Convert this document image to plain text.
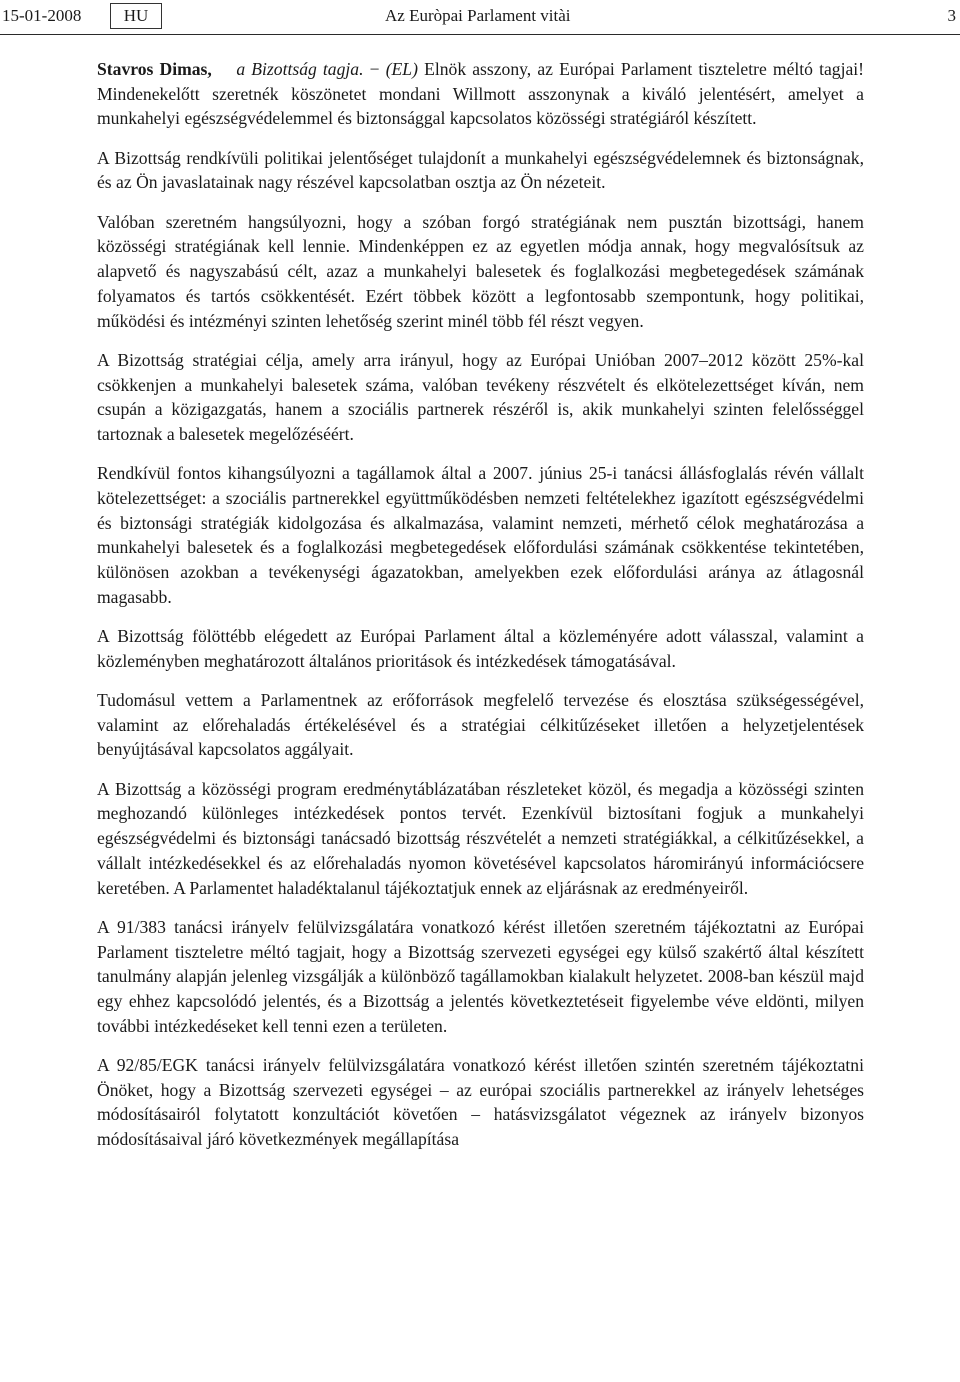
15-01-2008	HU	Az Euròpai Parlament vitài	3

Stavros Dimas, a Bizottság tagja. − (EL) Elnök asszony, az Európai Parlament tiszteletre méltó tagjai! Mindenekelőtt szeretnék köszönetet mondani Willmott asszonynak a kiváló jelentésért, amelyet a munkahelyi egészségvédelemmel és biztonsággal kapcsolatos közösségi stratégiáról készített.

A Bizottság rendkívüli politikai jelentőséget tulajdonít a munkahelyi egészségvédelemnek és biztonságnak, és az Ön javaslatainak nagy részével kapcsolatban osztja az Ön nézeteit.

Valóban szeretném hangsúlyozni, hogy a szóban forgó stratégiának nem pusztán bizottsági, hanem közösségi stratégiának kell lennie. Mindenképpen ez az egyetlen módja annak, hogy megvalósítsuk az alapvető és nagyszabású célt, azaz a munkahelyi balesetek és foglalkozási megbetegedések számának folyamatos és tartós csökkentését. Ezért többek között a legfontosabb szempontunk, hogy politikai, működési és intézményi szinten lehetőség szerint minél több fél részt vegyen.

A Bizottság stratégiai célja, amely arra irányul, hogy az Európai Unióban 2007–2012 között 25%-kal csökkenjen a munkahelyi balesetek száma, valóban tevékeny részvételt és elkötelezettséget kíván, nem csupán a közigazgatás, hanem a szociális partnerek részéről is, akik munkahelyi szinten felelősséggel tartoznak a balesetek megelőzéséért.

Rendkívül fontos kihangsúlyozni a tagállamok által a 2007. június 25-i tanácsi állásfoglalás révén vállalt kötelezettséget: a szociális partnerekkel együttműködésben nemzeti feltételekhez igazított egészségvédelmi és biztonsági stratégiák kidolgozása és alkalmazása, valamint nemzeti, mérhető célok meghatározása a munkahelyi balesetek és a foglalkozási megbetegedések előfordulási számának csökkentése tekintetében, különösen azokban a tevékenységi ágazatokban, amelyekben ezek előfordulási aránya az átlagosnál magasabb.

A Bizottság fölöttébb elégedett az Európai Parlament által a közleményére adott válasszal, valamint a közleményben meghatározott általános prioritások és intézkedések támogatásával.

Tudomásul vettem a Parlamentnek az erőforrások megfelelő tervezése és elosztása szükségességével, valamint az előrehaladás értékelésével és a stratégiai célkitűzéseket illetően a helyzetjelentések benyújtásával kapcsolatos aggályait.

A Bizottság a közösségi program eredménytáblázatában részleteket közöl, és megadja a közösségi szinten meghozandó különleges intézkedések pontos tervét. Ezenkívül biztosítani fogjuk a munkahelyi egészségvédelmi és biztonsági tanácsadó bizottság részvételét a nemzeti stratégiákkal, a célkitűzésekkel, a vállalt intézkedésekkel és az előrehaladás nyomon követésével kapcsolatos háromirányú információcsere keretében. A Parlamentet haladéktalanul tájékoztatjuk ennek az eljárásnak az eredményeiről.

A 91/383 tanácsi irányelv felülvizsgálatára vonatkozó kérést illetően szeretném tájékoztatni az Európai Parlament tiszteletre méltó tagjait, hogy a Bizottság szervezeti egységei egy külső szakértő által készített tanulmány alapján jelenleg vizsgálják a különböző tagállamokban kialakult helyzetet. 2008-ban készül majd egy ehhez kapcsolódó jelentés, és a Bizottság a jelentés következtetéseit figyelembe véve eldönti, milyen további intézkedéseket kell tenni ezen a területen.

A 92/85/EGK tanácsi irányelv felülvizsgálatára vonatkozó kérést illetően szintén szeretném tájékoztatni Önöket, hogy a Bizottság szervezeti egységei – az európai szociális partnerekkel az irányelv lehetséges módosításairól folytatott konzultációt követően – hatásvizsgálatot végeznek az irányelv bizonyos módosításaival járó következmények megállapítása
